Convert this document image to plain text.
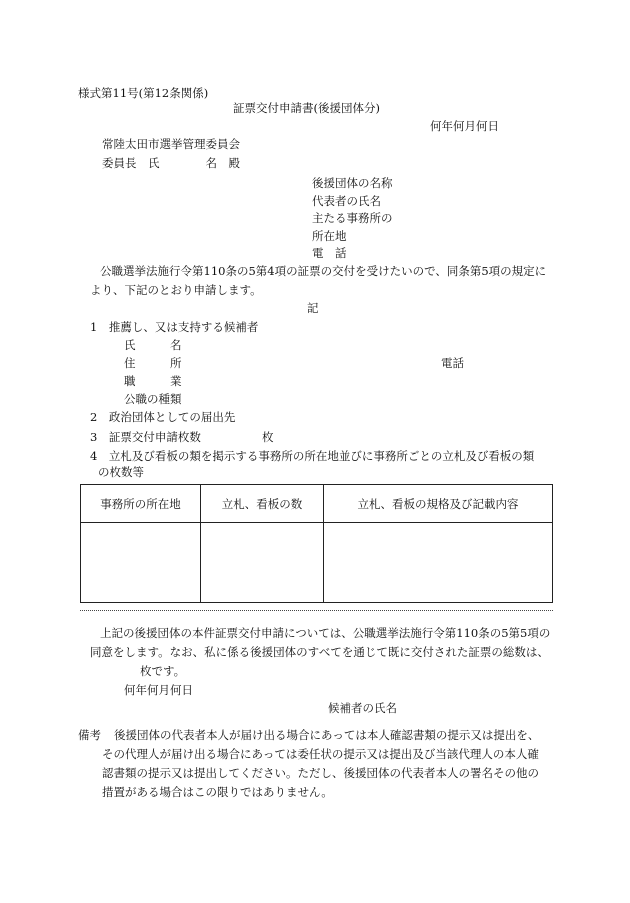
様式第11号(第12条関係)

証票交付申請書(後援団体分)

何年何月何日

常陸太田市選挙管理委員会

委員長　氏　　　　名　殿

後援団体の名称

代表者の氏名

主たる事務所の

所在地

電　話

公職選挙法施行令第110条の5第4項の証票の交付を受けたいので、同条第5項の規定に

より、下記のとおり申請します。

記

1　推薦し、又は支持する候補者

氏　　　名

住　　　所	電話

職　　　業

公職の種類

2　政治団体としての届出先

3　証票交付申請枚数	枚

4　立札及び看板の類を掲示する事務所の所在地並びに事務所ごとの立札及び看板の類

の枚数等

事務所の所在地	立札、看板の数	立札、看板の規格及び記載内容

上記の後援団体の本件証票交付申請については、公職選挙法施行令第110条の5第5項の

同意をします。なお、私に係る後援団体のすべてを通じて既に交付された証票の総数は、

枚です。

何年何月何日

候補者の氏名

備考 後援団体の代表者本人が届け出る場合にあっては本人確認書類の提示又は提出を、

その代理人が届け出る場合にあっては委任状の提示又は提出及び当該代理人の本人確

認書類の提示又は提出してください。ただし、後援団体の代表者本人の署名その他の

措置がある場合はこの限りではありません。
